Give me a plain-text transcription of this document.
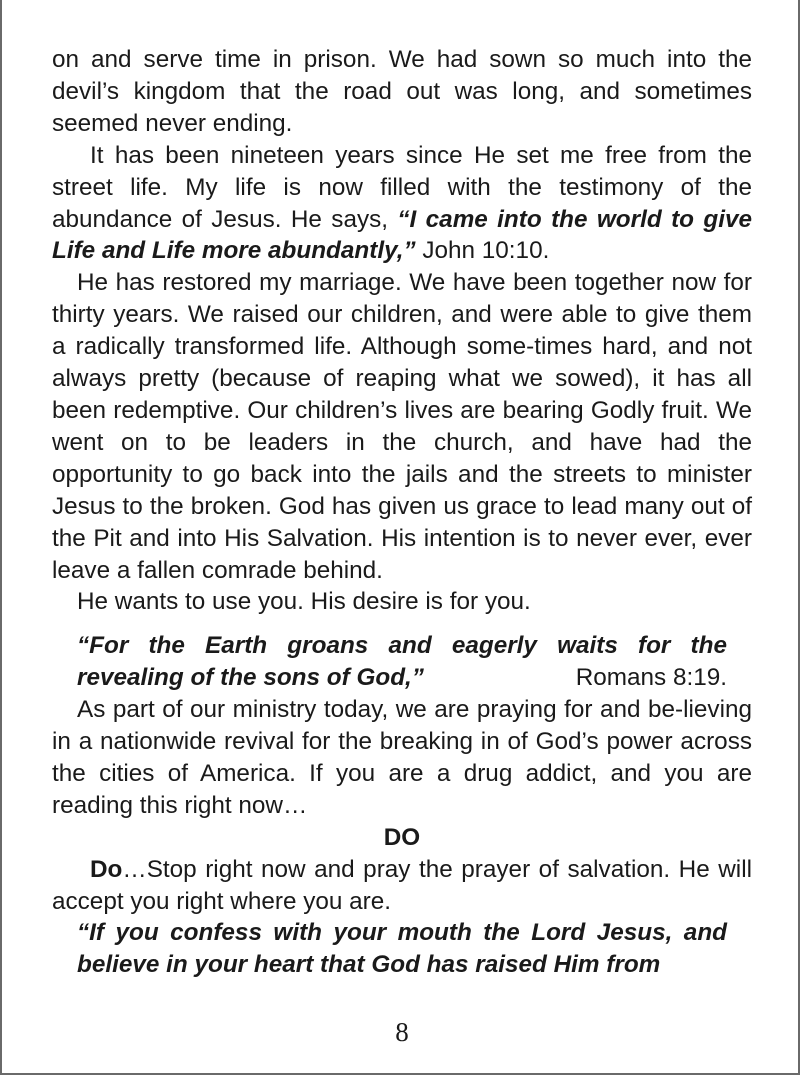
on and serve time in prison. We had sown so much into the devil’s kingdom that the road out was long, and sometimes seemed never ending.

It has been nineteen years since He set me free from the street life. My life is now filled with the testimony of the abundance of Jesus. He says, “I came into the world to give Life and Life more abundantly,” John 10:10.

He has restored my marriage. We have been together now for thirty years. We raised our children, and were able to give them a radically transformed life. Although some-times hard, and not always pretty (because of reaping what we sowed), it has all been redemptive. Our children’s lives are bearing Godly fruit. We went on to be leaders in the church, and have had the opportunity to go back into the jails and the streets to minister Jesus to the broken. God has given us grace to lead many out of the Pit and into His Salvation. His intention is to never ever, ever leave a fallen comrade behind.

He wants to use you. His desire is for you.

“For the Earth groans and eagerly waits for the
revealing of the sons of God,”	Romans 8:19.

As part of our ministry today, we are praying for and be-lieving in a nationwide revival for the breaking in of God’s power across the cities of America. If you are a drug addict, and you are reading this right now…

DO

Do…Stop right now and pray the prayer of salvation. He will accept you right where you are.

“If you confess with your mouth the Lord Jesus, and believe in your heart that God has raised Him from

8
